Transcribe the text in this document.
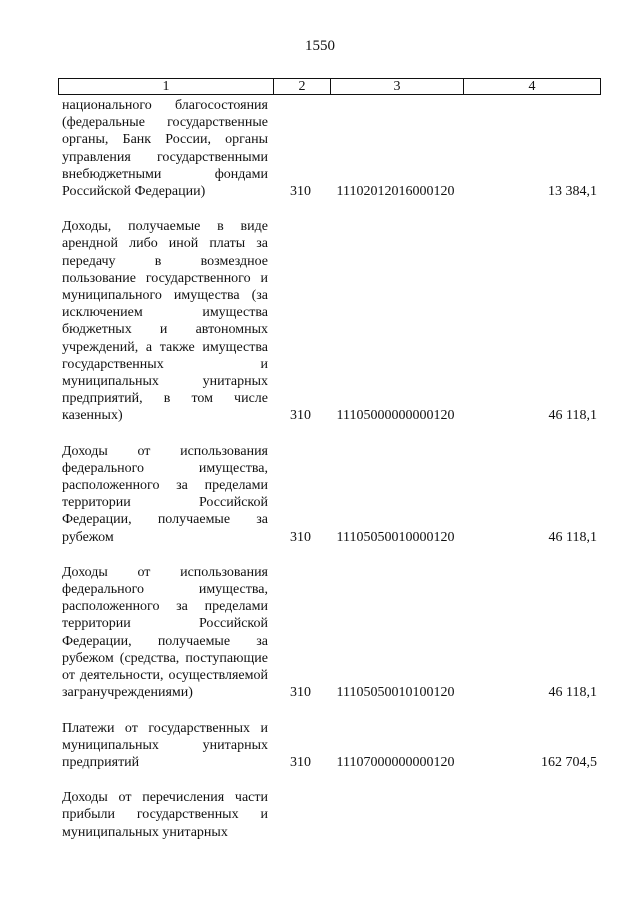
1550
1	2	3	4
национального благосостояния (федеральные государственные органы, Банк России, органы управления государственными внебюджетными фондами Российской Федерации)	310	11102012016000120	13 384,1
Доходы, получаемые в виде арендной либо иной платы за передачу в возмездное пользование государственного и муниципального имущества (за исключением имущества бюджетных и автономных учреждений, а также имущества государственных и муниципальных унитарных предприятий, в том числе казенных)	310	11105000000000120	46 118,1
Доходы от использования федерального имущества, расположенного за пределами территории Российской Федерации, получаемые за рубежом	310	11105050010000120	46 118,1
Доходы от использования федерального имущества, расположенного за пределами территории Российской Федерации, получаемые за рубежом (средства, поступающие от деятельности, осуществляемой загранучреждениями)	310	11105050010100120	46 118,1
Платежи от государственных и муниципальных унитарных предприятий	310	11107000000000120	162 704,5
Доходы от перечисления части прибыли государственных и муниципальных унитарных
